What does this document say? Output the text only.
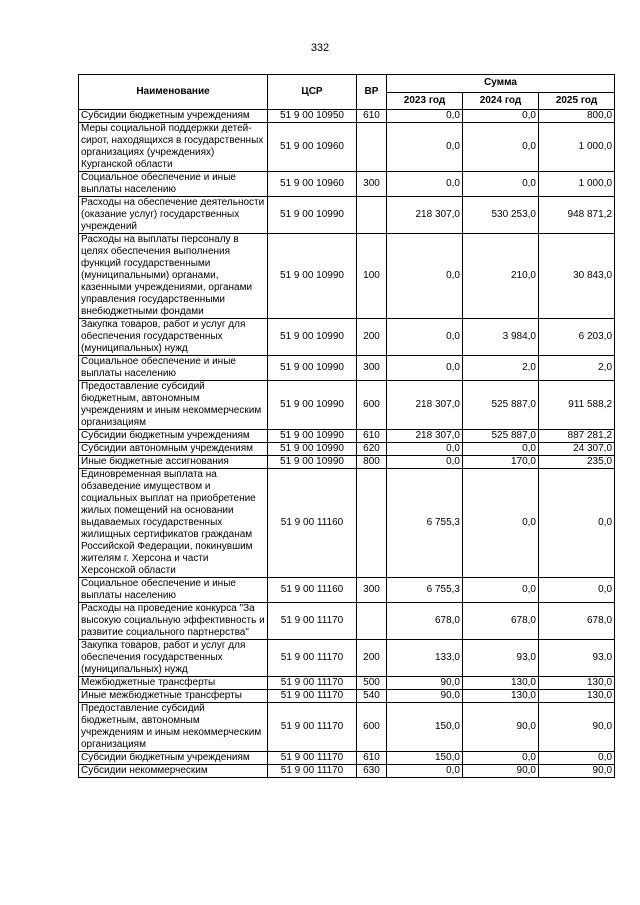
332
Наименование	ЦСР	ВР	Сумма		
			2023 год	2024 год	2025 год
Субсидии бюджетным учреждениям	51 9 00 10950	610	0,0	0,0	800,0
Меры социальной поддержки детей-сирот, находящихся в государственных организациях (учреждениях) Курганской области	51 9 00 10960		0,0	0,0	1 000,0
Социальное обеспечение и иные выплаты населению	51 9 00 10960	300	0,0	0,0	1 000,0
Расходы на обеспечение деятельности (оказание услуг) государственных учреждений	51 9 00 10990		218 307,0	530 253,0	948 871,2
Расходы на выплаты персоналу в целях обеспечения выполнения функций государственными (муниципальными) органами, казенными учреждениями, органами управления государственными внебюджетными фондами	51 9 00 10990	100	0,0	210,0	30 843,0
Закупка товаров, работ и услуг для обеспечения государственных (муниципальных) нужд	51 9 00 10990	200	0,0	3 984,0	6 203,0
Социальное обеспечение и иные выплаты населению	51 9 00 10990	300	0,0	2,0	2,0
Предоставление субсидий бюджетным, автономным учреждениям и иным некоммерческим организациям	51 9 00 10990	600	218 307,0	525 887,0	911 588,2
Субсидии бюджетным учреждениям	51 9 00 10990	610	218 307,0	525 887,0	887 281,2
Субсидии автономным учреждениям	51 9 00 10990	620	0,0	0,0	24 307,0
Иные бюджетные ассигнования	51 9 00 10990	800	0,0	170,0	235,0
Единовременная выплата на обзаведение имуществом и социальных выплат на приобретение жилых помещений на основании выдаваемых государственных жилищных сертификатов гражданам Российской Федерации, покинувшим жителям г. Херсона и части Херсонской области	51 9 00 11160		6 755,3	0,0	0,0
Социальное обеспечение и иные выплаты населению	51 9 00 11160	300	6 755,3	0,0	0,0
Расходы на проведение конкурса "За высокую социальную эффективность и развитие социального партнерства"	51 9 00 11170		678,0	678,0	678,0
Закупка товаров, работ и услуг для обеспечения государственных (муниципальных) нужд	51 9 00 11170	200	133,0	93,0	93,0
Межбюджетные трансферты	51 9 00 11170	500	90,0	130,0	130,0
Иные межбюджетные трансферты	51 9 00 11170	540	90,0	130,0	130,0
Предоставление субсидий бюджетным, автономным учреждениям и иным некоммерческим организациям	51 9 00 11170	600	150,0	90,0	90,0
Субсидии бюджетным учреждениям	51 9 00 11170	610	150,0	0,0	0,0
Субсидии некоммерческим	51 9 00 11170	630	0,0	90,0	90,0
